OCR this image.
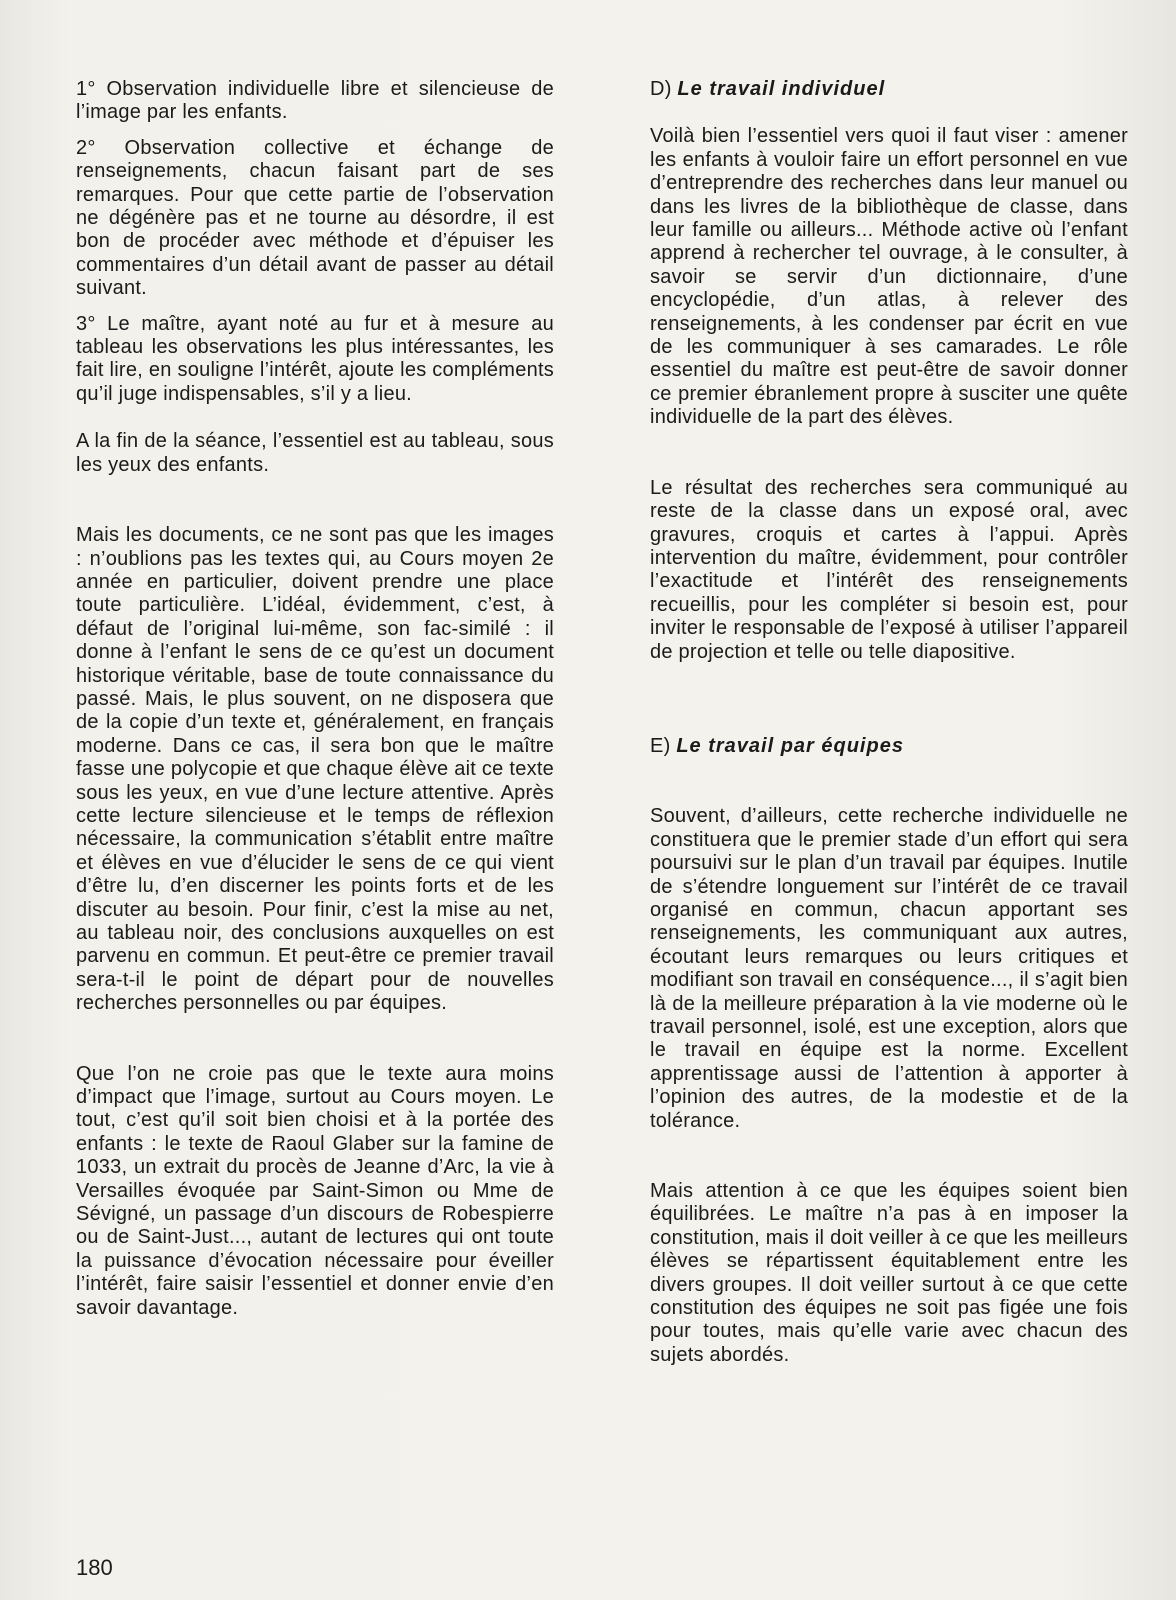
1° Observation individuelle libre et silencieuse de l’image par les enfants.

2° Observation collective et échange de renseignements, chacun faisant part de ses remarques. Pour que cette partie de l’observation ne dégénère pas et ne tourne au désordre, il est bon de procéder avec méthode et d’épuiser les commentaires d’un détail avant de passer au détail suivant.

3° Le maître, ayant noté au fur et à mesure au tableau les observations les plus intéressantes, les fait lire, en souligne l’intérêt, ajoute les compléments qu’il juge indispensables, s’il y a lieu.

A la fin de la séance, l’essentiel est au tableau, sous les yeux des enfants.

Mais les documents, ce ne sont pas que les images : n’oublions pas les textes qui, au Cours moyen 2e année en particulier, doivent prendre une place toute particulière. L’idéal, évidemment, c’est, à défaut de l’original lui-même, son fac-similé : il donne à l’enfant le sens de ce qu’est un document historique véritable, base de toute connaissance du passé. Mais, le plus souvent, on ne disposera que de la copie d’un texte et, généralement, en français moderne. Dans ce cas, il sera bon que le maître fasse une polycopie et que chaque élève ait ce texte sous les yeux, en vue d’une lecture attentive. Après cette lecture silencieuse et le temps de réflexion nécessaire, la communication s’établit entre maître et élèves en vue d’élucider le sens de ce qui vient d’être lu, d’en discerner les points forts et de les discuter au besoin. Pour finir, c’est la mise au net, au tableau noir, des conclusions auxquelles on est parvenu en commun. Et peut-être ce premier travail sera-t-il le point de départ pour de nouvelles recherches personnelles ou par équipes.

Que l’on ne croie pas que le texte aura moins d’impact que l’image, surtout au Cours moyen. Le tout, c’est qu’il soit bien choisi et à la portée des enfants : le texte de Raoul Glaber sur la famine de 1033, un extrait du procès de Jeanne d’Arc, la vie à Versailles évoquée par Saint-Simon ou Mme de Sévigné, un passage d’un discours de Robespierre ou de Saint-Just..., autant de lectures qui ont toute la puissance d’évocation nécessaire pour éveiller l’intérêt, faire saisir l’essentiel et donner envie d’en savoir davantage.

D) Le travail individuel

Voilà bien l’essentiel vers quoi il faut viser : amener les enfants à vouloir faire un effort personnel en vue d’entreprendre des recherches dans leur manuel ou dans les livres de la bibliothèque de classe, dans leur famille ou ailleurs... Méthode active où l’enfant apprend à rechercher tel ouvrage, à le consulter, à savoir se servir d’un dictionnaire, d’une encyclopédie, d’un atlas, à relever des renseignements, à les condenser par écrit en vue de les communiquer à ses camarades. Le rôle essentiel du maître est peut-être de savoir donner ce premier ébranlement propre à susciter une quête individuelle de la part des élèves.

Le résultat des recherches sera communiqué au reste de la classe dans un exposé oral, avec gravures, croquis et cartes à l’appui. Après intervention du maître, évidemment, pour contrôler l’exactitude et l’intérêt des renseignements recueillis, pour les compléter si besoin est, pour inviter le responsable de l’exposé à utiliser l’appareil de projection et telle ou telle diapositive.

E) Le travail par équipes

Souvent, d’ailleurs, cette recherche individuelle ne constituera que le premier stade d’un effort qui sera poursuivi sur le plan d’un travail par équipes. Inutile de s’étendre longuement sur l’intérêt de ce travail organisé en commun, chacun apportant ses renseignements, les communiquant aux autres, écoutant leurs remarques ou leurs critiques et modifiant son travail en conséquence..., il s’agit bien là de la meilleure préparation à la vie moderne où le travail personnel, isolé, est une exception, alors que le travail en équipe est la norme. Excellent apprentissage aussi de l’attention à apporter à l’opinion des autres, de la modestie et de la tolérance.

Mais attention à ce que les équipes soient bien équilibrées. Le maître n’a pas à en imposer la constitution, mais il doit veiller à ce que les meilleurs élèves se répartissent équitablement entre les divers groupes. Il doit veiller surtout à ce que cette constitution des équipes ne soit pas figée une fois pour toutes, mais qu’elle varie avec chacun des sujets abordés.

180
